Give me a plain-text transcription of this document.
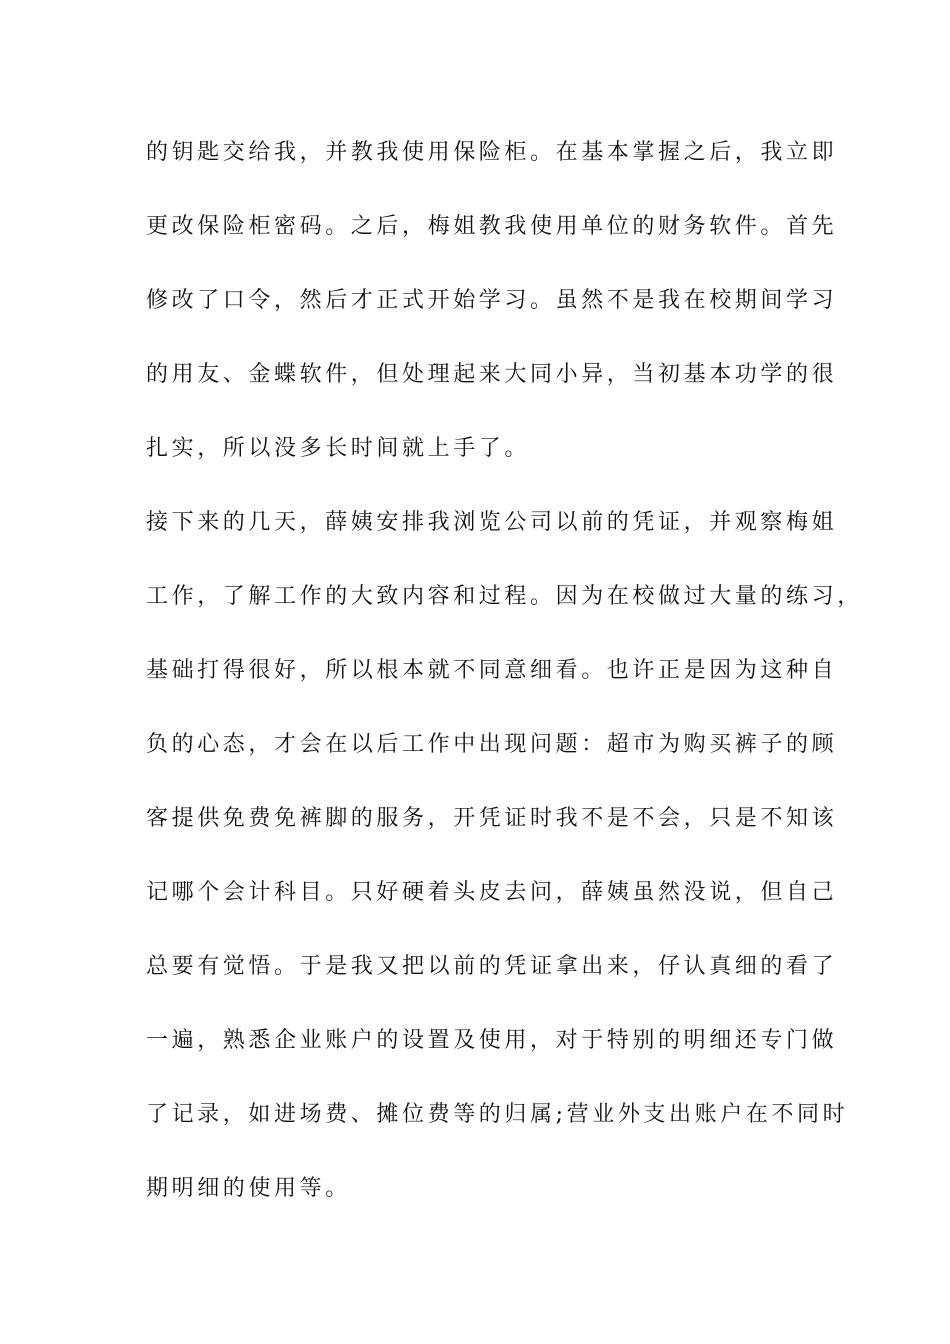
的钥匙交给我，并教我使用保险柜。在基本掌握之后，我立即
更改保险柜密码。之后，梅姐教我使用单位的财务软件。首先
修改了口令，然后才正式开始学习。虽然不是我在校期间学习
的用友、金蝶软件，但处理起来大同小异，当初基本功学的很
扎实，所以没多长时间就上手了。
接下来的几天，薛姨安排我浏览公司以前的凭证，并观察梅姐
工作，了解工作的大致内容和过程。因为在校做过大量的练习，
基础打得很好，所以根本就不同意细看。也许正是因为这种自
负的心态，才会在以后工作中出现问题：超市为购买裤子的顾
客提供免费免裤脚的服务，开凭证时我不是不会，只是不知该
记哪个会计科目。只好硬着头皮去问，薛姨虽然没说，但自己
总要有觉悟。于是我又把以前的凭证拿出来，仔认真细的看了
一遍，熟悉企业账户的设置及使用，对于特别的明细还专门做
了记录，如进场费、摊位费等的归属;营业外支出账户在不同时
期明细的使用等。
